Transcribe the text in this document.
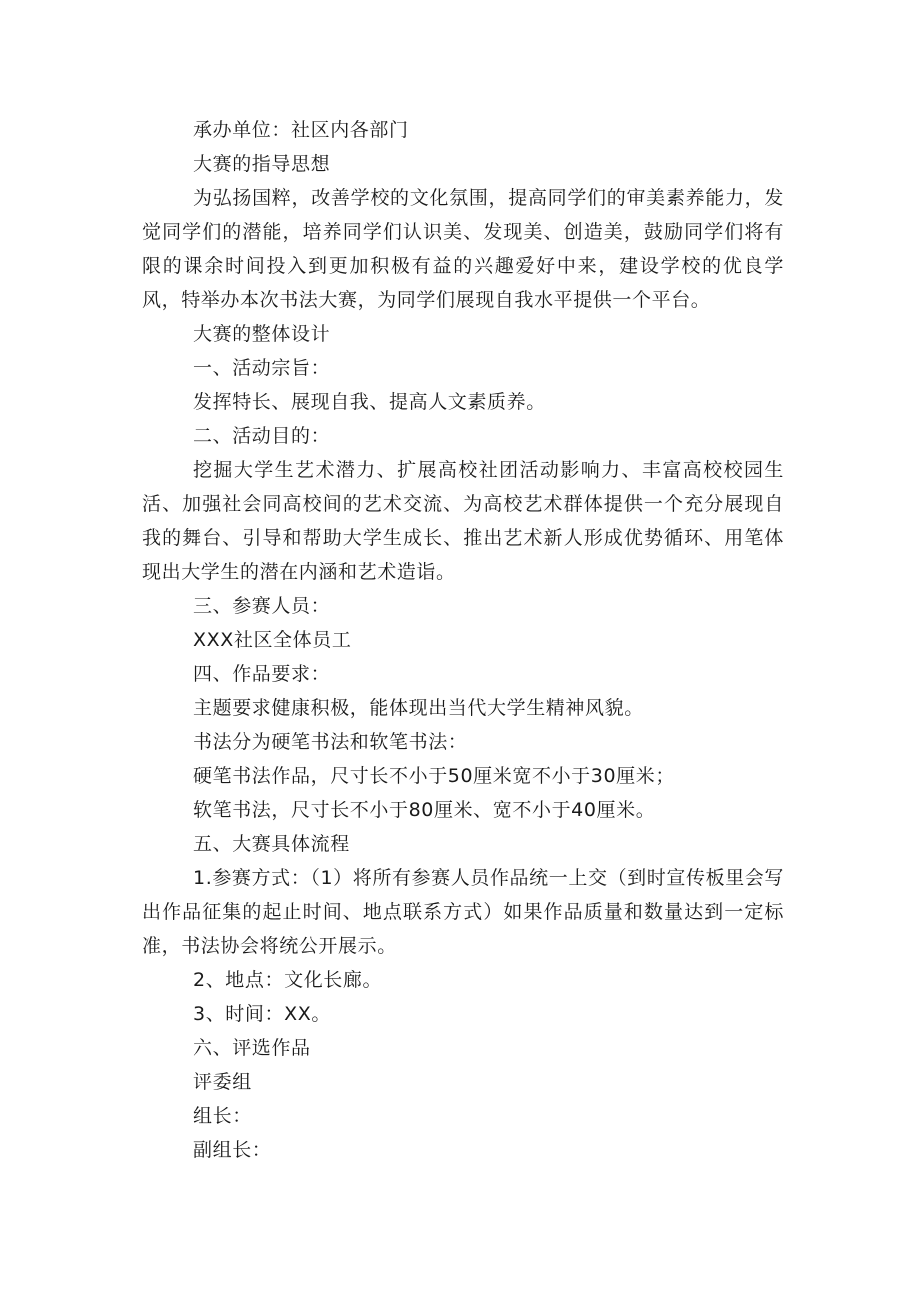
承办单位：社区内各部门

大赛的指导思想

为弘扬国粹，改善学校的文化氛围，提高同学们的审美素养能力，发觉同学们的潜能，培养同学们认识美、发现美、创造美，鼓励同学们将有限的课余时间投入到更加积极有益的兴趣爱好中来，建设学校的优良学风，特举办本次书法大赛，为同学们展现自我水平提供一个平台。

大赛的整体设计

一、活动宗旨：

发挥特长、展现自我、提高人文素质养。

二、活动目的：

挖掘大学生艺术潜力、扩展高校社团活动影响力、丰富高校校园生活、加强社会同高校间的艺术交流、为高校艺术群体提供一个充分展现自我的舞台、引导和帮助大学生成长、推出艺术新人形成优势循环、用笔体现出大学生的潜在内涵和艺术造诣。

三、参赛人员：

XXX社区全体员工

四、作品要求：

主题要求健康积极，能体现出当代大学生精神风貌。

书法分为硬笔书法和软笔书法：

硬笔书法作品，尺寸长不小于50厘米宽不小于30厘米；

软笔书法，尺寸长不小于80厘米、宽不小于40厘米。

五、大赛具体流程

1.参赛方式：（1）将所有参赛人员作品统一上交（到时宣传板里会写出作品征集的起止时间、地点联系方式）如果作品质量和数量达到一定标准，书法协会将统公开展示。

2、地点：文化长廊。

3、时间：XX。

六、评选作品

评委组

组长：

副组长：
